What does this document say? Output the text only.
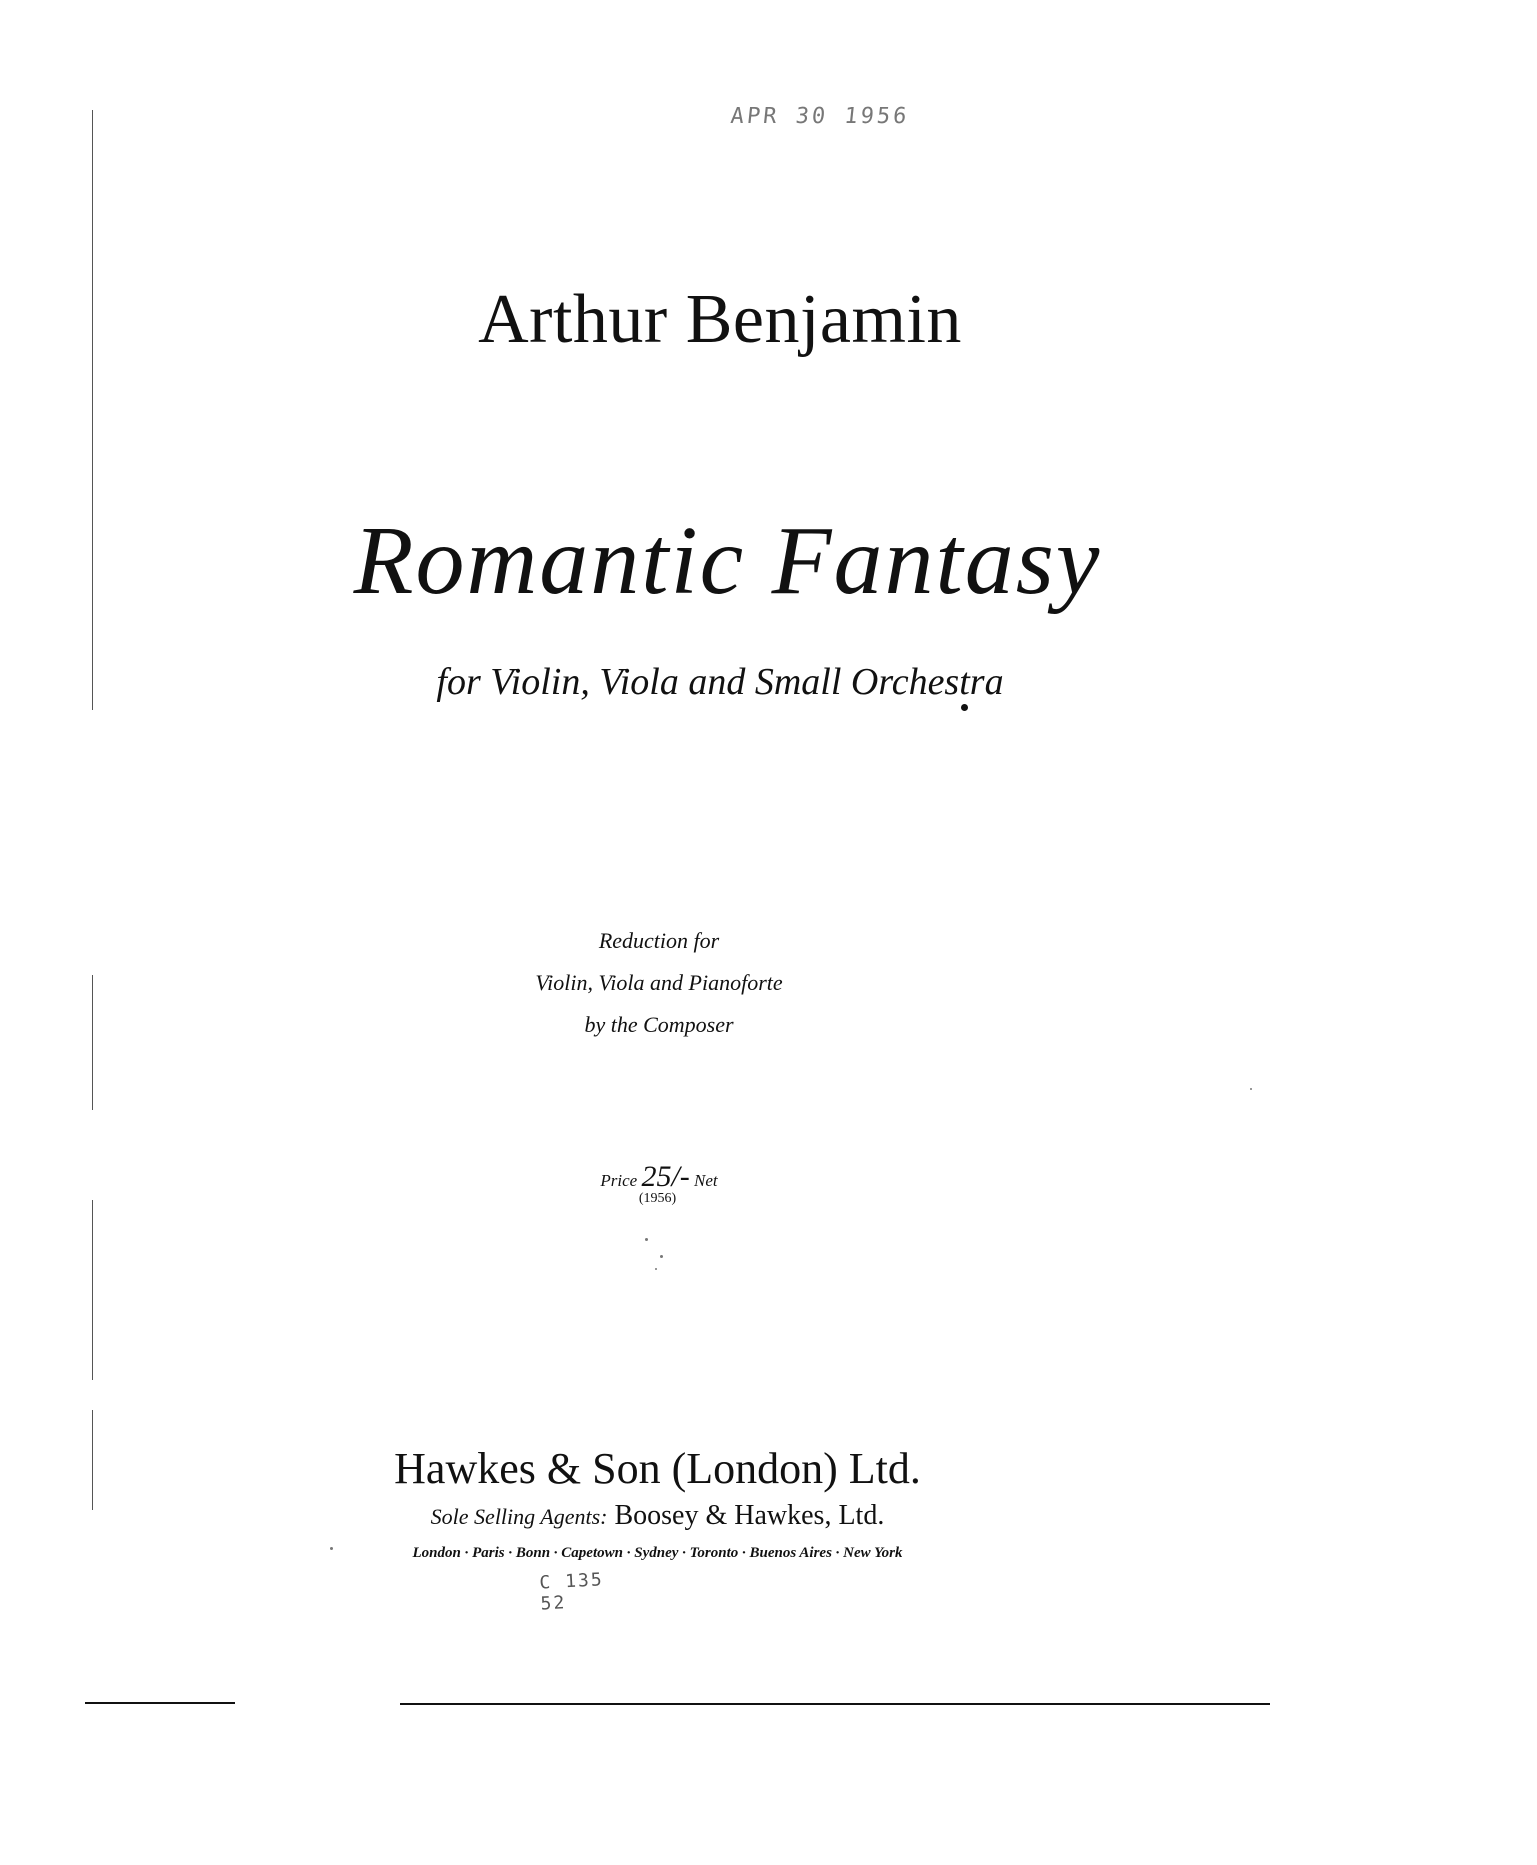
APR 30 1956
Arthur Benjamin
Romantic Fantasy
for Violin, Viola and Small Orchestra
Reduction for
Violin, Viola and Pianoforte
by the Composer
Price 25/- Net
(1956)
Hawkes & Son (London) Ltd.
Sole Selling Agents: Boosey & Hawkes, Ltd.
London · Paris · Bonn · Capetown · Sydney · Toronto · Buenos Aires · New York
C 135 52
